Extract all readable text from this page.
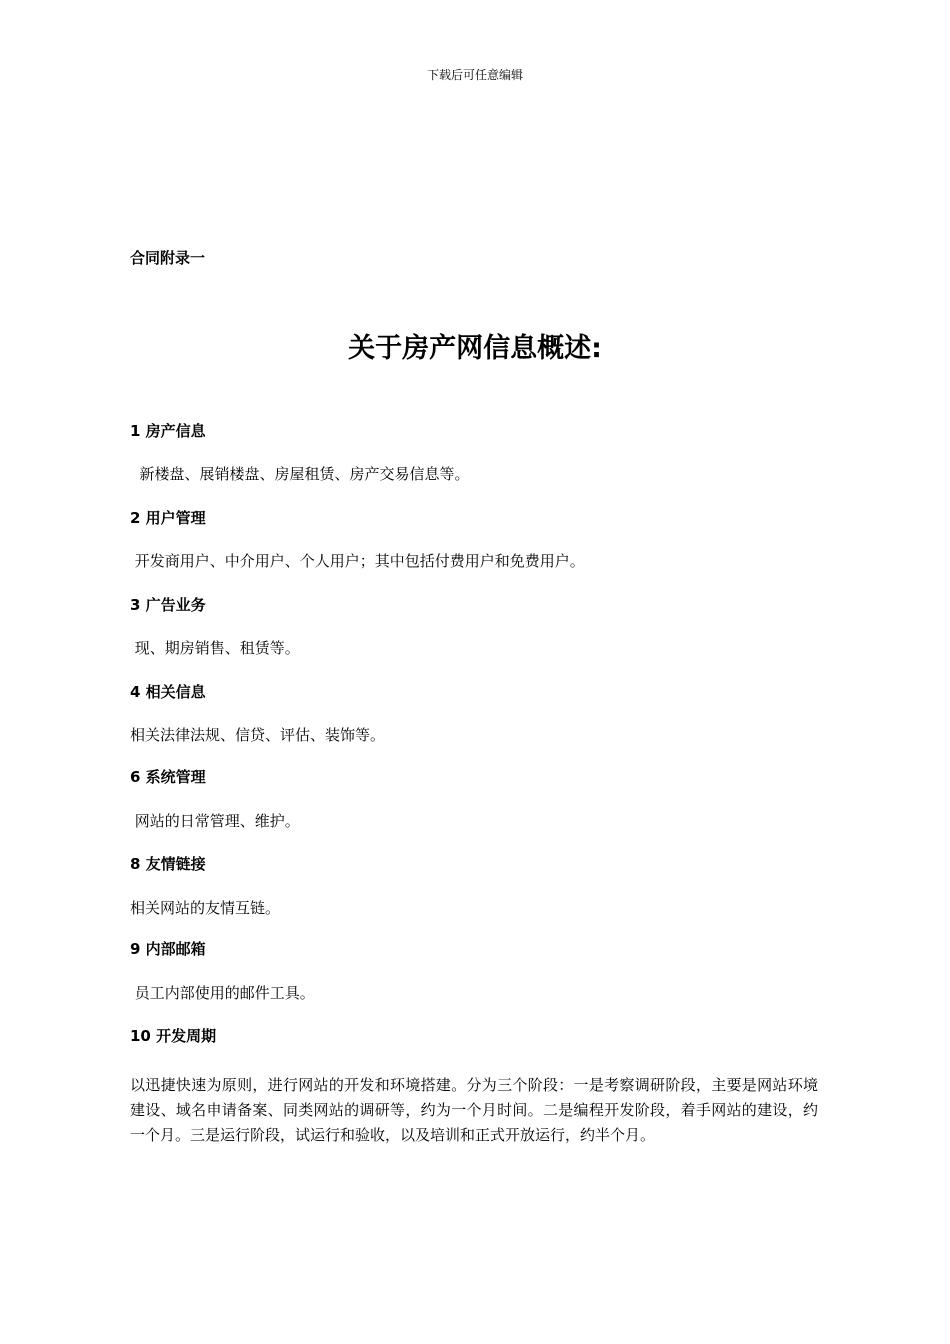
下载后可任意编辑
合同附录一
关于房产网信息概述:

1 房产信息

新楼盘、展销楼盘、房屋租赁、房产交易信息等。

2 用户管理

开发商用户、中介用户、个人用户；其中包括付费用户和免费用户。

3 广告业务

现、期房销售、租赁等。

4 相关信息

相关法律法规、信贷、评估、装饰等。

6 系统管理

网站的日常管理、维护。

8 友情链接

相关网站的友情互链。

9 内部邮箱

员工内部使用的邮件工具。

10 开发周期

以迅捷快速为原则，进行网站的开发和环境搭建。分为三个阶段：一是考察调研阶段，主要是网站环境建设、域名申请备案、同类网站的调研等，约为一个月时间。二是编程开发阶段，着手网站的建设，约一个月。三是运行阶段，试运行和验收，以及培训和正式开放运行，约半个月。
